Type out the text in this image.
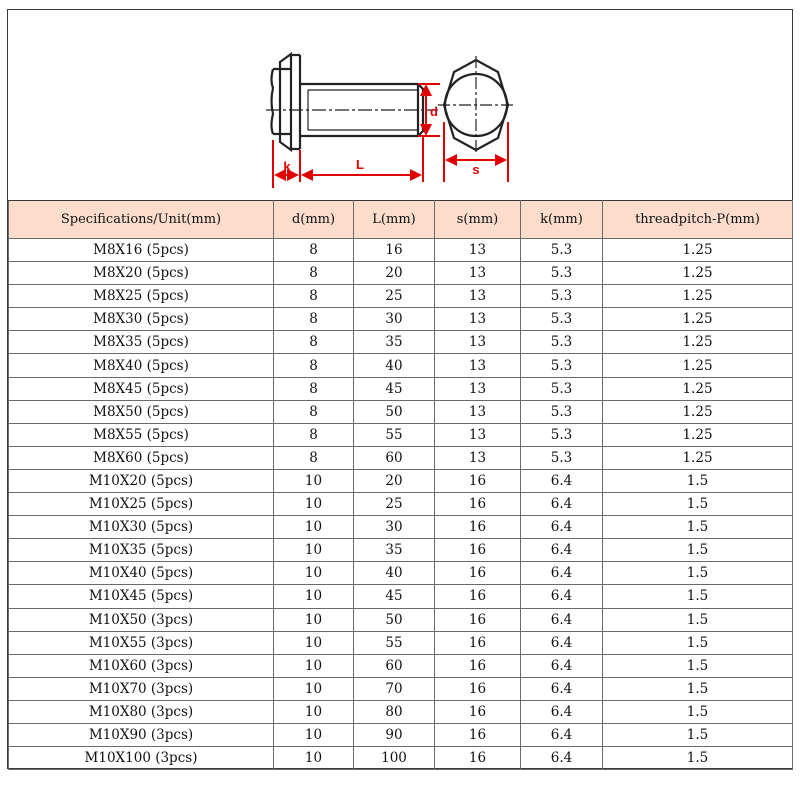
k	L
d
s
Specifications/Unit(mm)	d(mm)	L(mm)	s(mm)	k(mm)	threadpitch-P(mm)
M8X16 (5pcs)	8	16	13	5.3	1.25
M8X20 (5pcs)	8	20	13	5.3	1.25
M8X25 (5pcs)	8	25	13	5.3	1.25
M8X30 (5pcs)	8	30	13	5.3	1.25
M8X35 (5pcs)	8	35	13	5.3	1.25
M8X40 (5pcs)	8	40	13	5.3	1.25
M8X45 (5pcs)	8	45	13	5.3	1.25
M8X50 (5pcs)	8	50	13	5.3	1.25
M8X55 (5pcs)	8	55	13	5.3	1.25
M8X60 (5pcs)	8	60	13	5.3	1.25
M10X20 (5pcs)	10	20	16	6.4	1.5
M10X25 (5pcs)	10	25	16	6.4	1.5
M10X30 (5pcs)	10	30	16	6.4	1.5
M10X35 (5pcs)	10	35	16	6.4	1.5
M10X40 (5pcs)	10	40	16	6.4	1.5
M10X45 (5pcs)	10	45	16	6.4	1.5
M10X50 (3pcs)	10	50	16	6.4	1.5
M10X55 (3pcs)	10	55	16	6.4	1.5
M10X60 (3pcs)	10	60	16	6.4	1.5
M10X70 (3pcs)	10	70	16	6.4	1.5
M10X80 (3pcs)	10	80	16	6.4	1.5
M10X90 (3pcs)	10	90	16	6.4	1.5
M10X100 (3pcs)	10	100	16	6.4	1.5
